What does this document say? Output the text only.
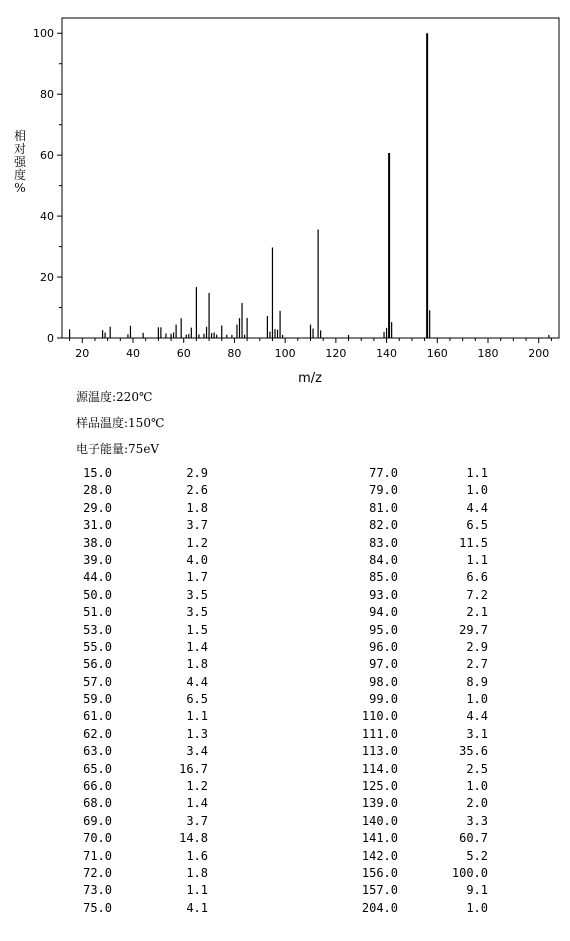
0
20
40
60
80
100
20	40	60	80	100	120	140	160	180	200
m/z
相
对
强
度
%
源温度:220℃
样品温度:150℃
电子能量:75eV
15.0	2.9	77.0	1.1
28.0	2.6	79.0	1.0
29.0	1.8	81.0	4.4
31.0	3.7	82.0	6.5
38.0	1.2	83.0	11.5
39.0	4.0	84.0	1.1
44.0	1.7	85.0	6.6
50.0	3.5	93.0	7.2
51.0	3.5	94.0	2.1
53.0	1.5	95.0	29.7
55.0	1.4	96.0	2.9
56.0	1.8	97.0	2.7
57.0	4.4	98.0	8.9
59.0	6.5	99.0	1.0
61.0	1.1	110.0	4.4
62.0	1.3	111.0	3.1
63.0	3.4	113.0	35.6
65.0	16.7	114.0	2.5
66.0	1.2	125.0	1.0
68.0	1.4	139.0	2.0
69.0	3.7	140.0	3.3
70.0	14.8	141.0	60.7
71.0	1.6	142.0	5.2
72.0	1.8	156.0	100.0
73.0	1.1	157.0	9.1
75.0	4.1	204.0	1.0
